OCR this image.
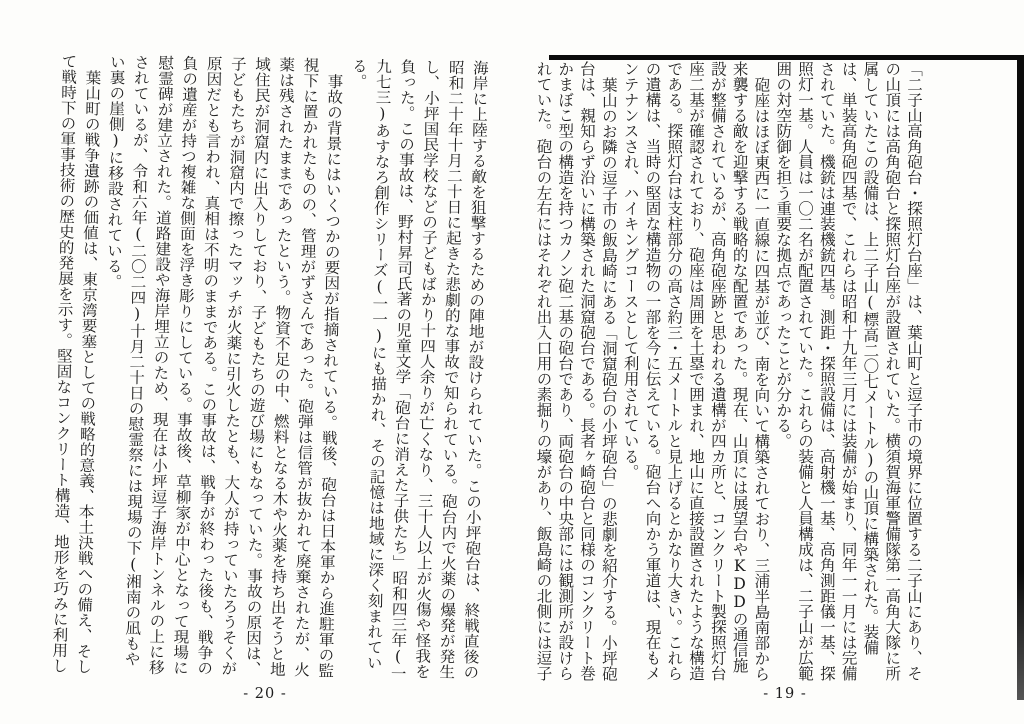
「二子山高角砲台・探照灯台座」は、葉山町と逗子市の境界に位置する二子山にあり、その山頂には高角砲台と探照灯台座が設置されていた。横須賀海軍警備隊第一高角大隊に所属していたこの設備は、上二子山(標高二〇七メートル)の山頂に構築された。装備は、単装高角砲四基で、これらは昭和十九年三月には装備が始まり、同年一一月には完備されていた。機銃は連装機銃四基。測距・探照設備は、高射機一基、高角測距儀一基、探照灯一基。人員は一〇二名が配置されていた。これらの装備と人員構成は、二子山が広範囲の対空防御を担う重要な拠点であったことが分かる。

砲座はほぼ東西に一直線に四基が並び、南を向いて構築されており、三浦半島南部から来襲する敵を迎撃する戦略的な配置であった。現在、山頂には展望台やKDDの通信施設が整備されているが、高角砲座跡と思われる遺構が四カ所と、コンクリート製探照灯台座二基が確認されており、砲座は周囲を土塁で囲まれ、地山に直接設置されたような構造である。探照灯台は支柱部分の高さ約三・五メートルと見上げるとかなり大きい。これらの遺構は、当時の堅固な構造物の一部を今に伝えている。砲台へ向かう軍道は、現在もメンテナンスされ、ハイキングコースとして利用されている。

葉山のお隣の逗子市の飯島崎にある「洞窟砲台の小坪砲台」の悲劇を紹介する。小坪砲台は、親知らず沿いに構築された洞窟砲台である。長者ヶ崎砲台と同様のコンクリート巻かまぼこ型の構造を持つカノン砲二基の砲台であり、両砲台の中央部には観測所が設けられていた。砲台の左右にはそれぞれ出入口用の素掘りの壕があり、飯島崎の北側には逗子

- 19 -

海岸に上陸する敵を狙撃するための陣地が設けられていた。この小坪砲台は、終戦直後の昭和二十年十月二十日に起きた悲劇的な事故で知られている。砲台内で火薬の爆発が発生し、小坪国民学校などの子どもばかり十四人余りが亡くなり、三十人以上が火傷や怪我を負った。この事故は、野村昇司氏著の児童文学「砲台に消えた子供たち」昭和四三年(一九七三)あすなろ創作シリーズ(一一)にも描かれ、その記憶は地域に深く刻まれている。

事故の背景にはいくつかの要因が指摘されている。戦後、砲台は日本軍から進駐軍の監視下に置かれたものの、管理がずさんであった。砲弾は信管が抜かれて廃棄されたが、火薬は残されたままであったという。物資不足の中、燃料となる木や火薬を持ち出そうと地域住民が洞窟内に出入りしており、子どもたちの遊び場にもなっていた。事故の原因は、子どもたちが洞窟内で擦ったマッチが火薬に引火したとも、大人が持っていたろうそくが原因だとも言われ、真相は不明のままである。この事故は、戦争が終わった後も、戦争の負の遺産が持つ複雑な側面を浮き彫りにしている。事故後、草柳家が中心となって現場に慰霊碑が建立された。道路建設や海岸埋立のため、現在は小坪逗子海岸トンネルの上に移されているが、令和六年(二〇二四)十月二十日の慰霊祭には現場の下(湘南の凪もやい裏の崖側)に移設されている。

葉山町の戦争遺跡の価値は、東京湾要塞としての戦略的意義、本土決戦への備え、そして戦時下の軍事技術の歴史的発展を示す。堅固なコンクリート構造、地形を巧みに利用し

- 20 -
